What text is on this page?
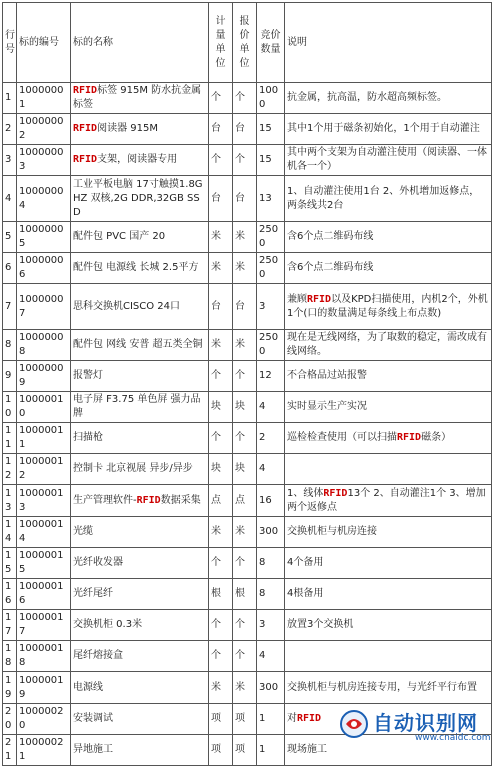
行号	标的编号	标的名称	计量单位	报价单位	竞价数量	说明
1	10000001	RFID标签 915M 防水抗金属标签	个	个	1000	抗金属，抗高温，防水超高频标签。
2	10000002	RFID阅读器 915M	台	台	15	其中1个用于磁条初始化，1个用于自动灌注
3	10000003	RFID支架，阅读器专用	个	个	15	其中两个支架为自动灌注使用（阅读器、一体机各一个）
4	10000004	工业平板电脑 17寸触摸1.8GHZ 双核,2G DDR,32GB SSD	台	台	13	1、自动灌注使用1台 2、外机增加返修点，两条线共2台
5	10000005	配件包 PVC 国产 20	米	米	2500	含6个点二维码布线
6	10000006	配件包 电源线 长城 2.5平方	米	米	2500	含6个点二维码布线
7	10000007	思科交换机CISCO 24口	台	台	3	兼顾RFID以及KPD扫描使用，内机2个，外机1个(口的数量满足每条线上布点数)
8	10000008	配件包 网线 安普 超五类全铜	米	米	2500	现在是无线网络，为了取数的稳定，需改成有线网络。
9	10000009	报警灯	个	个	12	不合格品过站报警
10	10000010	电子屏 F3.75 单色屏 强力品牌	块	块	4	实时显示生产实况
11	10000011	扫描枪	个	个	2	巡检检查使用（可以扫描RFID磁条）
12	10000012	控制卡 北京视展 异步/异步	块	块	4	
13	10000013	生产管理软件-RFID数据采集	点	点	16	1、线体RFID13个 2、自动灌注1个 3、增加两个返修点
14	10000014	光缆	米	米	300	交换机柜与机房连接
15	10000015	光纤收发器	个	个	8	4个备用
16	10000016	光纤尾纤	根	根	8	4根备用
17	10000017	交换机柜 0.3米	个	个	3	放置3个交换机
18	10000018	尾纤熔接盒	个	个	4	
19	10000019	电源线	米	米	300	交换机柜与机房连接专用，与光纤平行布置
20	10000020	安装调试	项	项	1	对RFID
21	10000021	异地施工	项	项	1	现场施工
自动识别网
www.cnaidc.com
